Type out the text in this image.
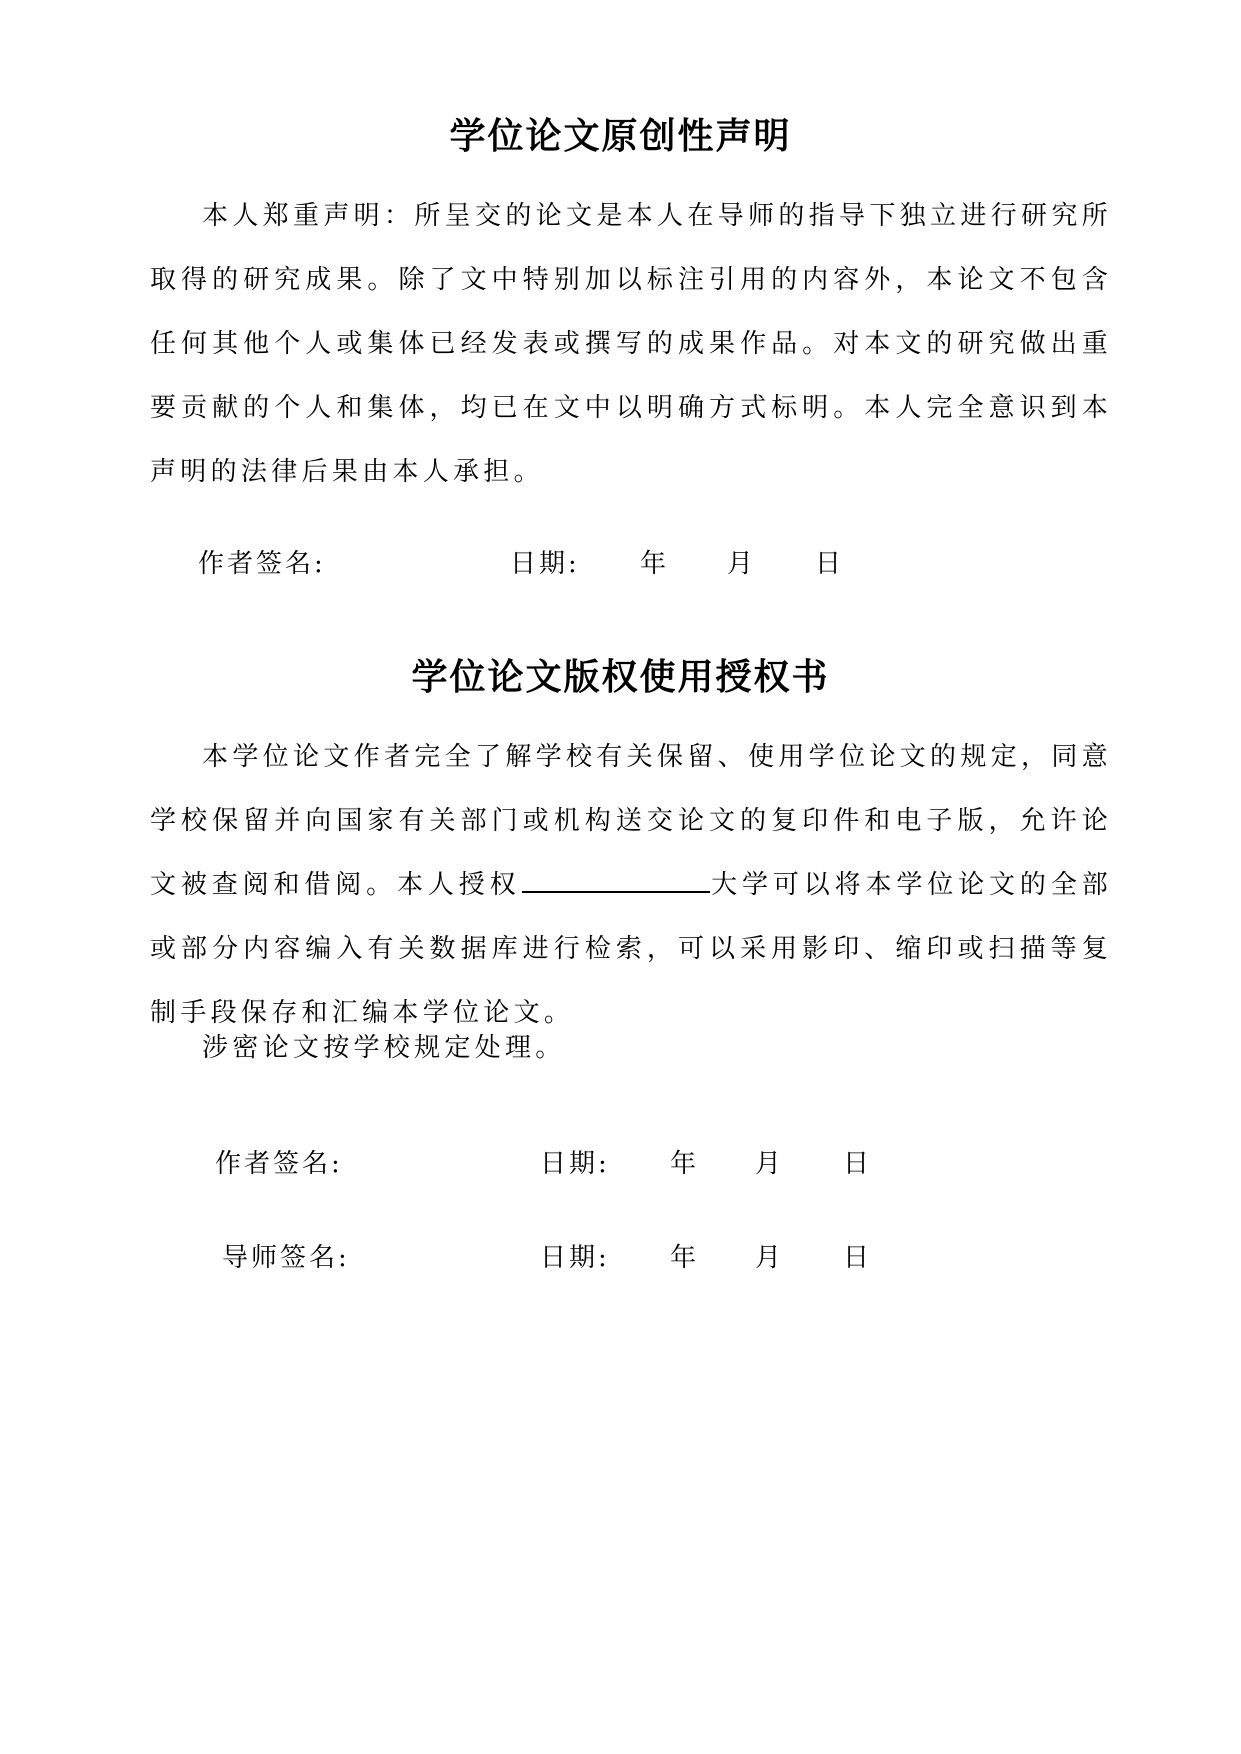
学位论文原创性声明

本人郑重声明：所呈交的论文是本人在导师的指导下独立进行研究所取得的研究成果。除了文中特别加以标注引用的内容外，本论文不包含任何其他个人或集体已经发表或撰写的成果作品。对本文的研究做出重要贡献的个人和集体，均已在文中以明确方式标明。本人完全意识到本声明的法律后果由本人承担。

作者签名:	日期: 年 月 日
学位论文版权使用授权书

本学位论文作者完全了解学校有关保留、使用学位论文的规定，同意学校保留并向国家有关部门或机构送交论文的复印件和电子版，允许论文被查阅和借阅。本人授权	大学可以将本学位论文的全部或部分内容编入有关数据库进行检索，可以采用影印、缩印或扫描等复制手段保存和汇编本学位论文。

涉密论文按学校规定处理。

作者签名:	日期: 年 月 日
导师签名:	日期: 年 月 日
